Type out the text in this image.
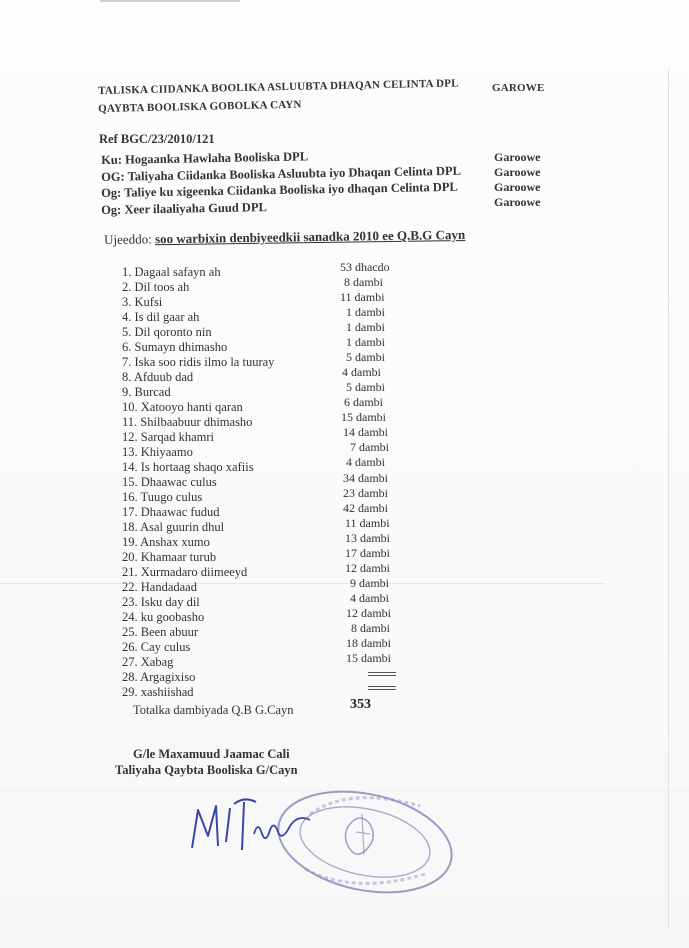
TALISKA CIIDANKA BOOLIKA ASLUUBTA DHAQAN CELINTA DPL
QAYBTA BOOLISKA GOBOLKA CAYN
GAROWE
Ref BGC/23/2010/121
Ku: Hogaanka Hawlaha Booliska DPL
OG: Taliyaha Ciidanka Booliska Asluubta iyo Dhaqan Celinta DPL
Og: Taliye ku xigeenka Ciidanka Booliska iyo dhaqan Celinta DPL
Og: Xeer ilaaliyaha Guud DPL
Garoowe
Garoowe
Garoowe
Garoowe
Ujeeddo: soo warbixin denbiyeedkii sanadka 2010 ee Q.B.G Cayn
1. Dagaal safayn ah
2. Dil toos ah
3. Kufsi
4. Is dil gaar ah
5. Dil qoronto nin
6. Sumayn dhimasho
7. Iska soo ridis ilmo la tuuray
8. Afduub dad
9. Burcad
10. Xatooyo hanti qaran
11. Shilbaabuur dhimasho
12. Sarqad khamri
13. Khiyaamo
14. Is hortaag shaqo xafiis
15. Dhaawac culus
16. Tuugo culus
17. Dhaawac fudud
18. Asal guurin dhul
19. Anshax xumo
20. Khamaar turub
21. Xurmadaro diimeeyd
22. Handadaad
23. Isku day dil
24. ku goobasho
25. Been abuur
26. Cay culus
27. Xabag
28. Argagixiso
29. xashiishad
53 dhacdo
8 dambi
11 dambi
1 dambi
1 dambi
1 dambi
5 dambi
4 dambi
5 dambi
6 dambi
15 dambi
14 dambi
7 dambi
4 dambi
34 dambi
23 dambi
42 dambi
11 dambi
13 dambi
17 dambi
12 dambi
9 dambi
4 dambi
12 dambi
8 dambi
18 dambi
15 dambi
Totalka dambiyada Q.B G.Cayn	353
G/le Maxamuud Jaamac Cali
Taliyaha Qaybta Booliska G/Cayn
